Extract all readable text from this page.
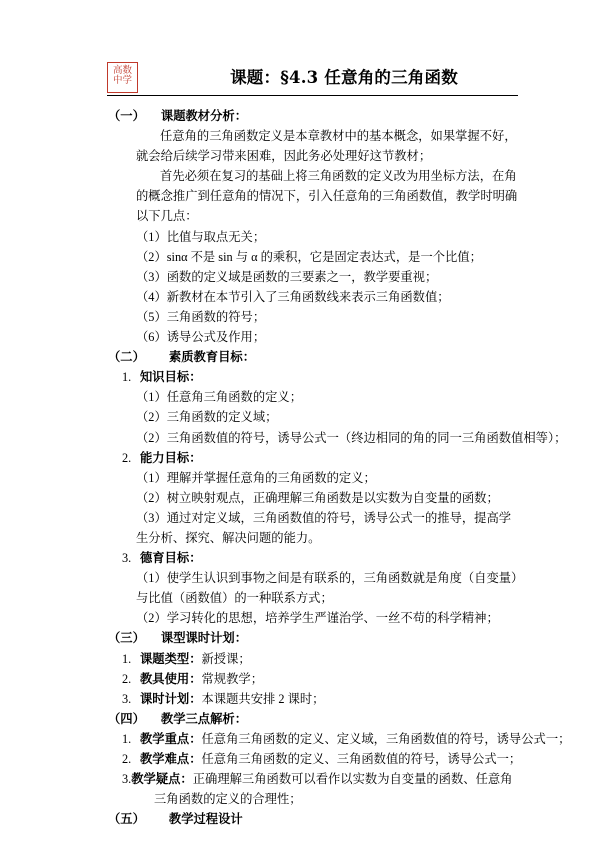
高数
中学	课题：§4.3 任意角的三角函数
（一） 课题教材分析：
任意角的三角函数定义是本章教材中的基本概念，如果掌握不好，就会给后续学习带来困难，因此务必处理好这节教材；
首先必须在复习的基础上将三角函数的定义改为用坐标方法，在角的概念推广到任意角的情况下，引入任意角的三角函数值，教学时明确以下几点：
（1）比值与取点无关；
（2）sinα 不是 sin 与 α 的乘积，它是固定表达式，是一个比值；
（3）函数的定义域是函数的三要素之一，教学要重视；
（4）新教材在本节引入了三角函数线来表示三角函数值；
（5）三角函数的符号；
（6）诱导公式及作用；
（二） 素质教育目标：
1. 知识目标：
（1）任意角三角函数的定义；
（2）三角函数的定义域；
（2）三角函数值的符号，诱导公式一（终边相同的角的同一三角函数值相等）；
2. 能力目标：
（1）理解并掌握任意角的三角函数的定义；
（2）树立映射观点，正确理解三角函数是以实数为自变量的函数；
（3）通过对定义域，三角函数值的符号，诱导公式一的推导，提高学生分析、探究、解决问题的能力。
3. 德育目标：
（1）使学生认识到事物之间是有联系的，三角函数就是角度（自变量）与比值（函数值）的一种联系方式；
（2）学习转化的思想，培养学生严谨治学、一丝不苟的科学精神；
（三） 课型课时计划：
1. 课题类型：新授课；
2. 教具使用：常规教学；
3. 课时计划：本课题共安排 2 课时；
（四） 教学三点解析：
1. 教学重点：任意角三角函数的定义、定义域，三角函数值的符号，诱导公式一；
2. 教学难点：任意角三角函数的定义、三角函数值的符号，诱导公式一；
3.教学疑点：正确理解三角函数可以看作以实数为自变量的函数、任意角三角函数的定义的合理性；
（五） 教学过程设计
